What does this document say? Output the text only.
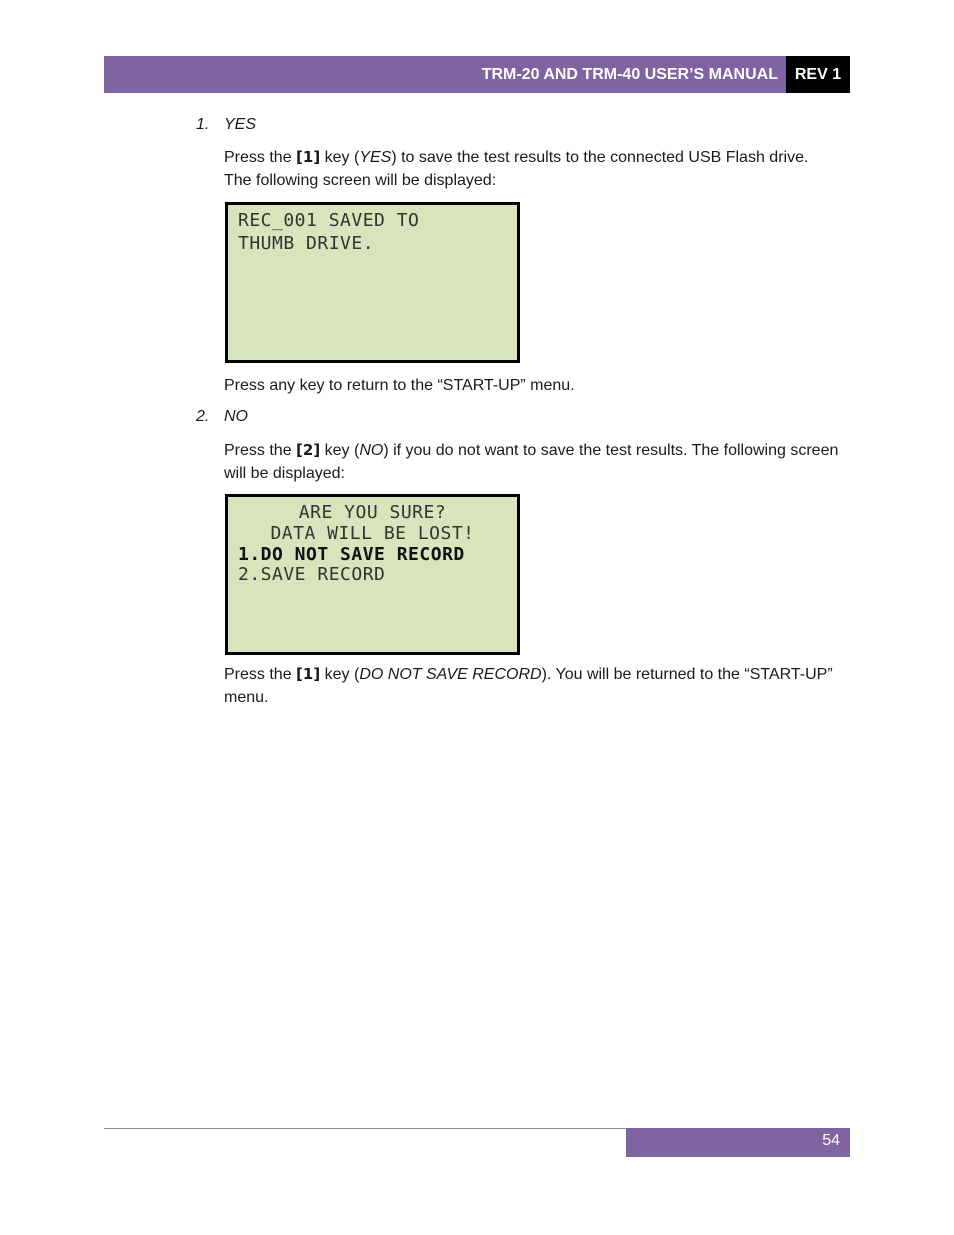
TRM-20 AND TRM-40 USER’S MANUAL	REV 1
1. YES
Press the [1] key (YES) to save the test results to the connected USB Flash drive. The following screen will be displayed:
REC_001 SAVED TO
THUMB DRIVE.
Press any key to return to the “START-UP” menu.
2. NO
Press the [2] key (NO) if you do not want to save the test results. The following screen will be displayed:
ARE YOU SURE?
DATA WILL BE LOST!
1.DO NOT SAVE RECORD
2.SAVE RECORD
Press the [1] key (DO NOT SAVE RECORD). You will be returned to the “START-UP” menu.
54
